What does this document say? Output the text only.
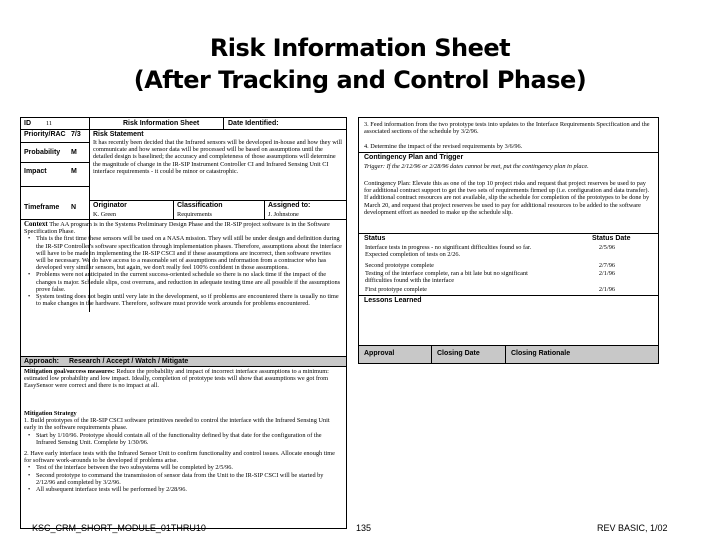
Risk Information Sheet
(After Tracking and Control Phase)
ID 11	Risk Information Sheet	Date Identified:
Priority/RAC 7/3
Probability M
Impact	M
Timeframe N
Risk Statement
It has recently been decided that the Infrared sensors will be developed in-house and how they will communicate and how sensor data will be processed will be based on assumptions until the detailed design is baselined; the accuracy and completeness of those assumptions will determine the magnitude of change in the IR-SIP Instrument Controller CI and Infrared Sensing Unit CI interface requirements - it could be minor or catastrophic.
Originator
K. Green
Classification
Requirements
Assigned to:
J. Johnstone
Context The AA program is in the Systems Preliminary Design Phase and the IR-SIP project software is in the Software Specification Phase.
• This is the first time these sensors will be used on a NASA mission. They will still be under design and definition during the IR-SIP Controller's software specification through implementation phases. Therefore, assumptions about the interface will have to be made in implementing the IR-SIP CSCI and if these assumptions are incorrect, then software rewrites will be necessary. We do have access to a reasonable set of assumptions and information from a contractor who has developed very similar sensors, but again, we don't really feel 100% confident in those assumptions.
• Problems were not anticipated in the current success-oriented schedule so there is no slack time if the impact of the changes is major. Schedule slips, cost overruns, and reduction in adequate testing time are all possible if the assumptions prove false.
• System testing does not begin until very late in the development, so if problems are encountered there is usually no time to make changes in the hardware. Therefore, software must provide work arounds for problems encountered.
Approach: Research / Accept / Watch / Mitigate
Mitigation goal/success measures: Reduce the probability and impact of incorrect interface assumptions to a minimum: estimated low probability and low impact. Ideally, completion of prototype tests will show that assumptions we got from EasySensor were correct and there is no impact at all.
Mitigation Strategy
1. Build prototypes of the IR-SIP CSCI software primitives needed to control the interface with the Infrared Sensing Unit early in the software requirements phase.
• Start by 1/10/96. Prototype should contain all of the functionality defined by that date for the configuration of the Infrared Sensing Unit. Complete by 1/30/96.
2. Have early interface tests with the Infrared Sensor Unit to confirm functionality and control issues. Allocate enough time for software work-arounds to be developed if problems arise.
• Test of the interface between the two subsystems will be completed by 2/5/96.
• Second prototype to command the transmission of sensor data from the Unit to the IR-SIP CSCI will be started by 2/12/96 and completed by 3/2/96.
• All subsequent interface tests will be performed by 2/28/96.
3. Feed information from the two prototype tests into updates to the Interface Requirements Specification and the associated sections of the schedule by 3/2/96.
4. Determine the impact of the revised requirements by 3/6/96.
Contingency Plan and Trigger
Trigger: If the 2/12/96 or 2/28/96 dates cannot be met, put the contingency plan in place.
Contingency Plan: Elevate this as one of the top 10 project risks and request that project reserves be used to pay for additional contract support to get the two sets of requirements firmed up (i.e. configuration and data transfer). If additional contract resources are not available, slip the schedule for completion of the prototypes to be done by March 20, and request that project reserves be used to pay for additional resources to be added to the software development effort as needed to make up the schedule slip.
Status	Status Date
Interface tests in progress - no significant difficulties found so far.	2/5/96
Expected completion of tests on 2/26.
Second prototype complete	2/7/96
Testing of the interface complete, ran a bit late but no significant	2/1/96
difficulties found with the interface
First prototype complete	2/1/96
Lessons Learned
Approval	Closing Date	Closing Rationale
KSC_CRM_SHORT_MODULE_01THRU10	135	REV BASIC, 1/02
